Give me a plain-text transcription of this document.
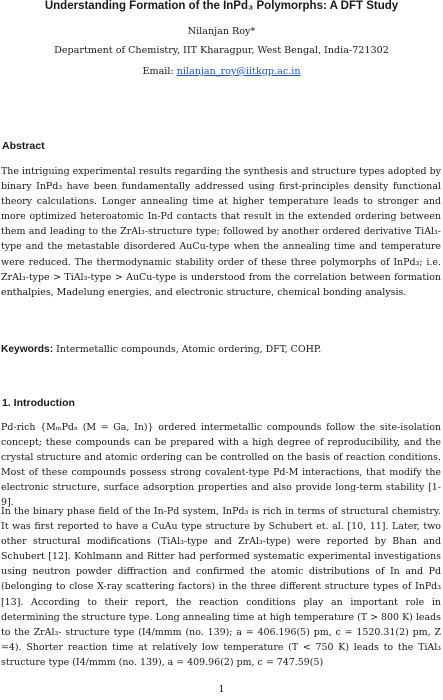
Understanding Formation of the InPd₃ Polymorphs: A DFT Study
Nilanjan Roy*
Department of Chemistry, IIT Kharagpur, West Bengal, India-721302
Email: nilanjan_roy@iitkgp.ac.in
Abstract

The intriguing experimental results regarding the synthesis and structure types adopted by binary InPd₃ have been fundamentally addressed using first-principles density functional theory calculations. Longer annealing time at higher temperature leads to stronger and more optimized heteroatomic In-Pd contacts that result in the extended ordering between them and leading to the ZrAl₃-structure type; followed by another ordered derivative TiAl₃-type and the metastable disordered AuCu-type when the annealing time and temperature were reduced. The thermodynamic stability order of these three polymorphs of InPd₃; i.e. ZrAl₃-type > TiAl₃-type > AuCu-type is understood from the correlation between formation enthalpies, Madelung energies, and electronic structure, chemical bonding analysis.

Keywords: Intermetallic compounds, Atomic ordering, DFT, COHP.
1. Introduction

Pd-rich {MₘPdₙ (M = Ga, In)} ordered intermetallic compounds follow the site-isolation concept; these compounds can be prepared with a high degree of reproducibility, and the crystal structure and atomic ordering can be controlled on the basis of reaction conditions. Most of these compounds possess strong covalent-type Pd-M interactions, that modify the electronic structure, surface adsorption properties and also provide long-term stability [1-9].

In the binary phase field of the In-Pd system, InPd₃ is rich in terms of structural chemistry. It was first reported to have a CuAu type structure by Schubert et. al. [10, 11]. Later, two other structural modifications (TiAl₃-type and ZrAl₃-type) were reported by Bhan and Schubert [12]. Kohlmann and Ritter had performed systematic experimental investigations using neutron powder diffraction and confirmed the atomic distributions of In and Pd (belonging to close X-ray scattering factors) in the three different structure types of InPd₃ [13]. According to their report, the reaction conditions play an important role in determining the structure type. Long annealing time at high temperature (T > 800 K) leads to the ZrAl₃- structure type (I4/mmm (no. 139); a = 406.196(5) pm, c = 1520.31(2) pm, Z =4). Shorter reaction time at relatively low temperature (T < 750 K) leads to the TiAl₃ structure type (I4/mmm (no. 139), a = 409.96(2) pm, c = 747.59(5)

1
